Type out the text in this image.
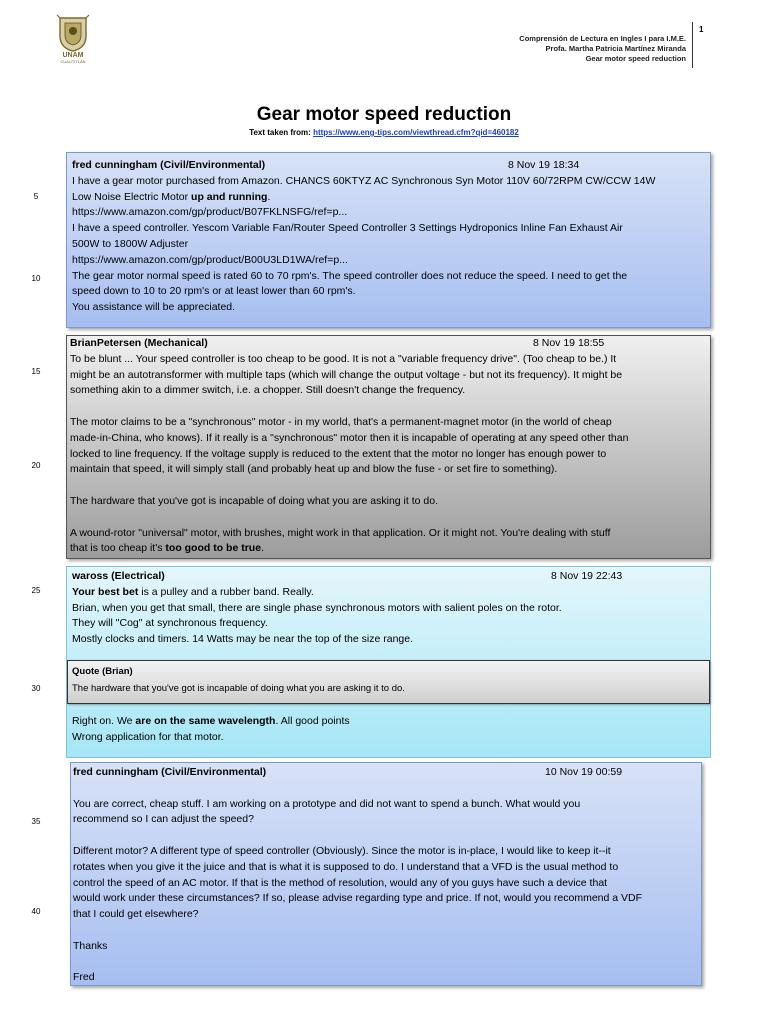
UNAM
CUAUTITLÁN
Comprensión de Lectura en Ingles I para I.M.E.
Profa. Martha Patricia Martínez Miranda
Gear motor speed reduction
1
Gear motor speed reduction
Text taken from: https://www.eng-tips.com/viewthread.cfm?qid=460182
5
10
15
20
25
30
35
40
fred cunningham (Civil/Environmental)	8 Nov 19 18:34

I have a gear motor purchased from Amazon. CHANCS 60KTYZ AC Synchronous Syn Motor 110V 60/72RPM CW/CCW 14W

Low Noise Electric Motor up and running.

https://www.amazon.com/gp/product/B07FKLNSFG/ref=p...

I have a speed controller. Yescom Variable Fan/Router Speed Controller 3 Settings Hydroponics Inline Fan Exhaust Air

500W to 1800W Adjuster

https://www.amazon.com/gp/product/B00U3LD1WA/ref=p...

The gear motor normal speed is rated 60 to 70 rpm's. The speed controller does not reduce the speed. I need to get the

speed down to 10 to 20 rpm's or at least lower than 60 rpm's.

You assistance will be appreciated.

BrianPetersen (Mechanical)	8 Nov 19 18:55

To be blunt ... Your speed controller is too cheap to be good. It is not a "variable frequency drive". (Too cheap to be.) It

might be an autotransformer with multiple taps (which will change the output voltage - but not its frequency). It might be

something akin to a dimmer switch, i.e. a chopper. Still doesn't change the frequency.

The motor claims to be a "synchronous" motor - in my world, that's a permanent-magnet motor (in the world of cheap

made-in-China, who knows). If it really is a "synchronous" motor then it is incapable of operating at any speed other than

locked to line frequency. If the voltage supply is reduced to the extent that the motor no longer has enough power to

maintain that speed, it will simply stall (and probably heat up and blow the fuse - or set fire to something).

The hardware that you've got is incapable of doing what you are asking it to do.

A wound-rotor "universal" motor, with brushes, might work in that application. Or it might not. You're dealing with stuff

that is too cheap it's too good to be true.

waross (Electrical)	8 Nov 19 22:43

Your best bet is a pulley and a rubber band. Really.

Brian, when you get that small, there are single phase synchronous motors with salient poles on the rotor.

They will "Cog" at synchronous frequency.

Mostly clocks and timers. 14 Watts may be near the top of the size range.

Quote (Brian)
The hardware that you've got is incapable of doing what you are asking it to do.

Right on. We are on the same wavelength. All good points

Wrong application for that motor.

fred cunningham (Civil/Environmental)	10 Nov 19 00:59

You are correct, cheap stuff. I am working on a prototype and did not want to spend a bunch. What would you

recommend so I can adjust the speed?

Different motor? A different type of speed controller (Obviously). Since the motor is in-place, I would like to keep it--it

rotates when you give it the juice and that is what it is supposed to do. I understand that a VFD is the usual method to

control the speed of an AC motor. If that is the method of resolution, would any of you guys have such a device that

would work under these circumstances? If so, please advise regarding type and price. If not, would you recommend a VDF

that I could get elsewhere?

Thanks

Fred
